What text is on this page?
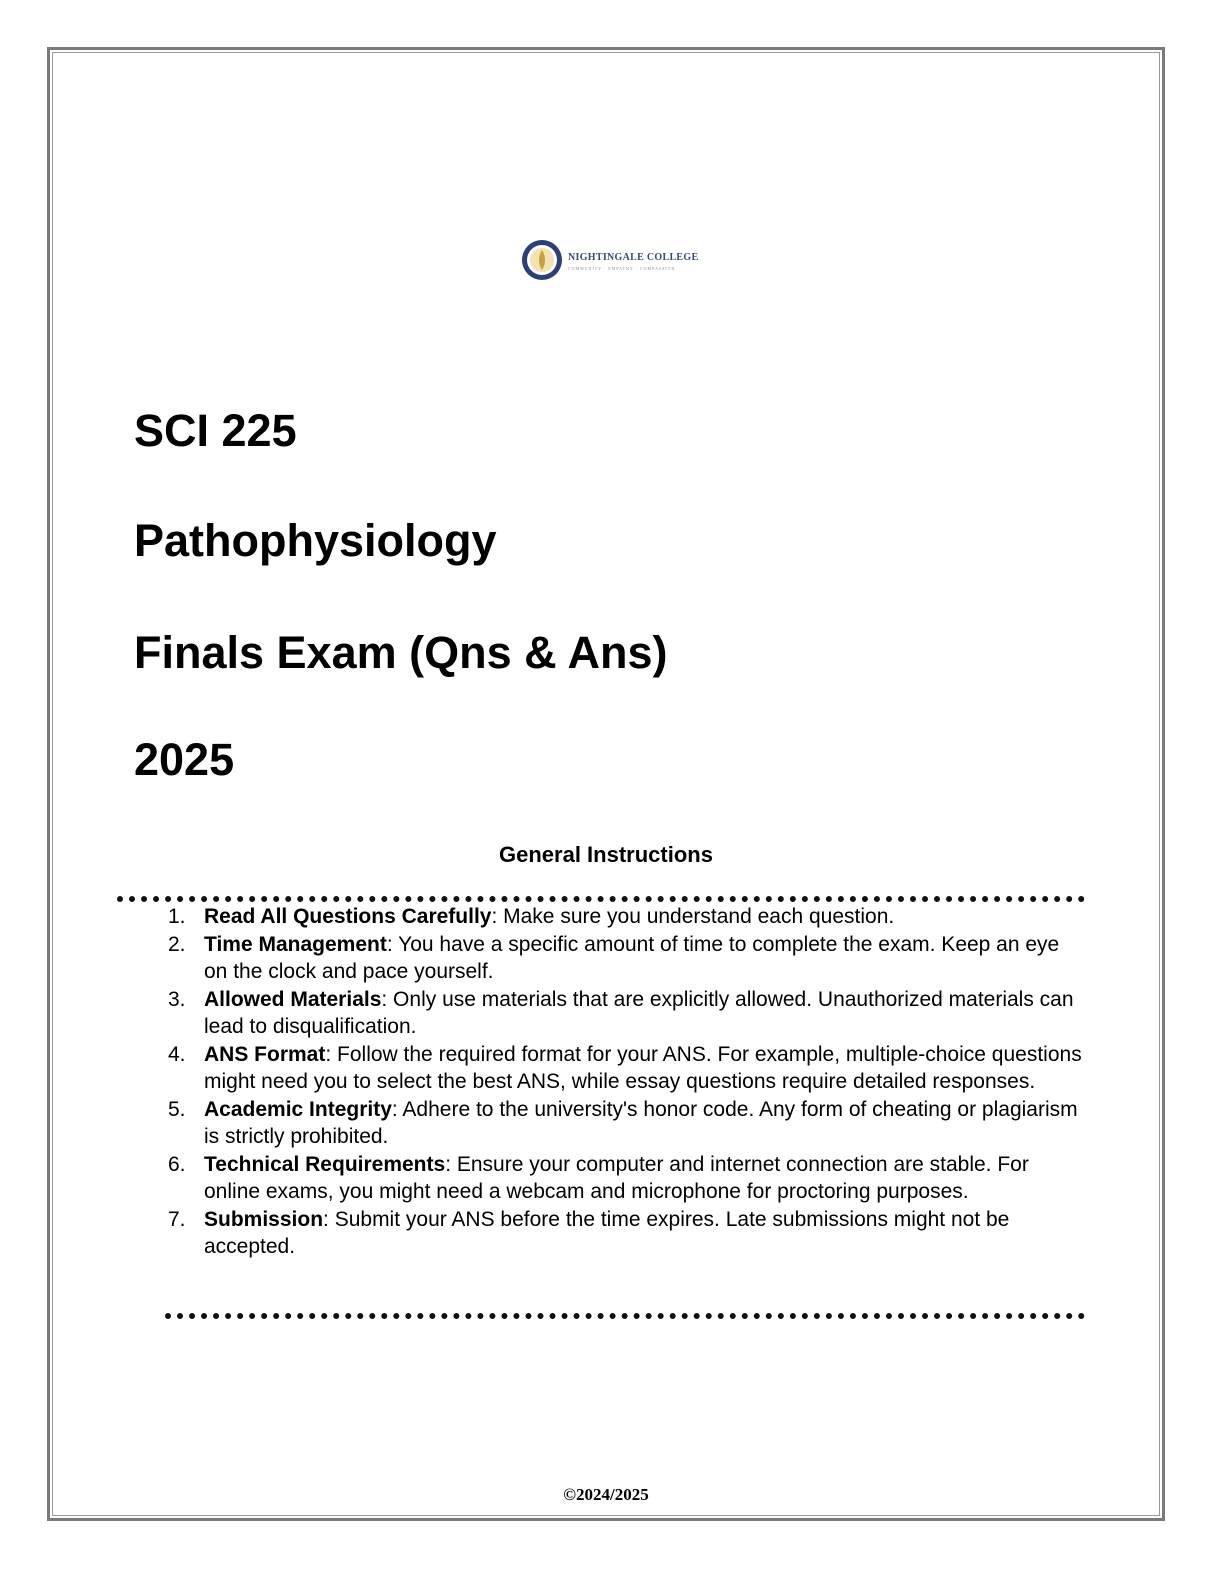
NIGHTINGALE COLLEGE
COMMUNITY · EMPATHY · COMPASSION
SCI 225
Pathophysiology
Finals Exam (Qns & Ans)
2025
General Instructions
1. Read All Questions Carefully: Make sure you understand each question.
2. Time Management: You have a specific amount of time to complete the exam. Keep an eye on the clock and pace yourself.
3. Allowed Materials: Only use materials that are explicitly allowed. Unauthorized materials can lead to disqualification.
4. ANS Format: Follow the required format for your ANS. For example, multiple-choice questions might need you to select the best ANS, while essay questions require detailed responses.
5. Academic Integrity: Adhere to the university's honor code. Any form of cheating or plagiarism is strictly prohibited.
6. Technical Requirements: Ensure your computer and internet connection are stable. For online exams, you might need a webcam and microphone for proctoring purposes.
7. Submission: Submit your ANS before the time expires. Late submissions might not be accepted.
©2024/2025
